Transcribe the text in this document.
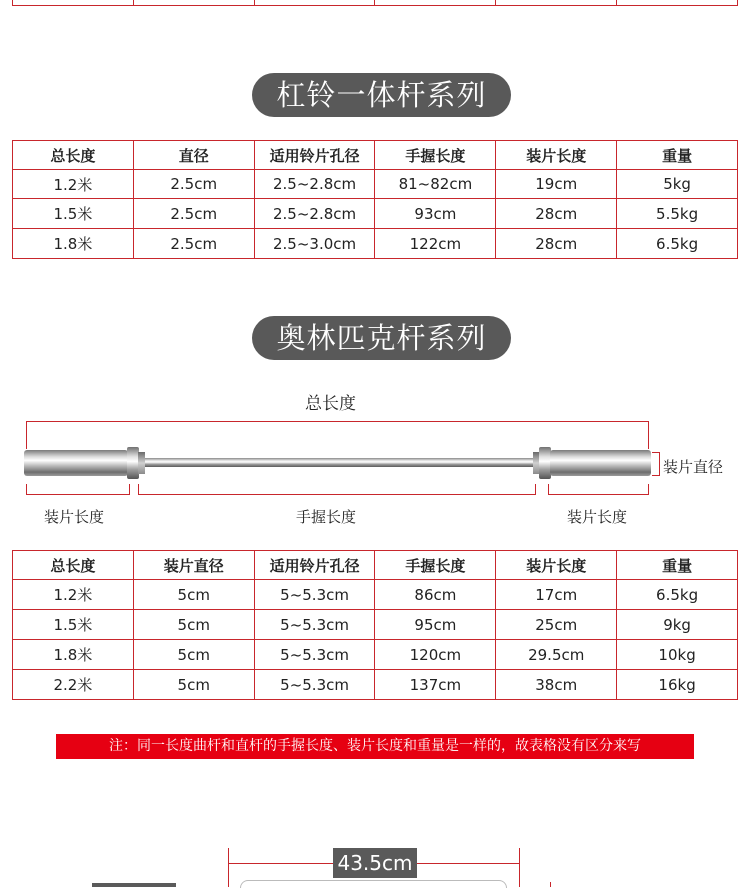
杠铃一体杆系列
总长度	直径	适用铃片孔径	手握长度	装片长度	重量
1.2米	2.5cm	2.5~2.8cm	81~82cm	19cm	5kg
1.5米	2.5cm	2.5~2.8cm	93cm	28cm	5.5kg
1.8米	2.5cm	2.5~3.0cm	122cm	28cm	6.5kg
奥林匹克杆系列
总长度
装片直径
装片长度	手握长度	装片长度
总长度	装片直径	适用铃片孔径	手握长度	装片长度	重量
1.2米	5cm	5~5.3cm	86cm	17cm	6.5kg
1.5米	5cm	5~5.3cm	95cm	25cm	9kg
1.8米	5cm	5~5.3cm	120cm	29.5cm	10kg
2.2米	5cm	5~5.3cm	137cm	38cm	16kg
注：同一长度曲杆和直杆的手握长度、装片长度和重量是一样的，故表格没有区分来写
43.5cm
